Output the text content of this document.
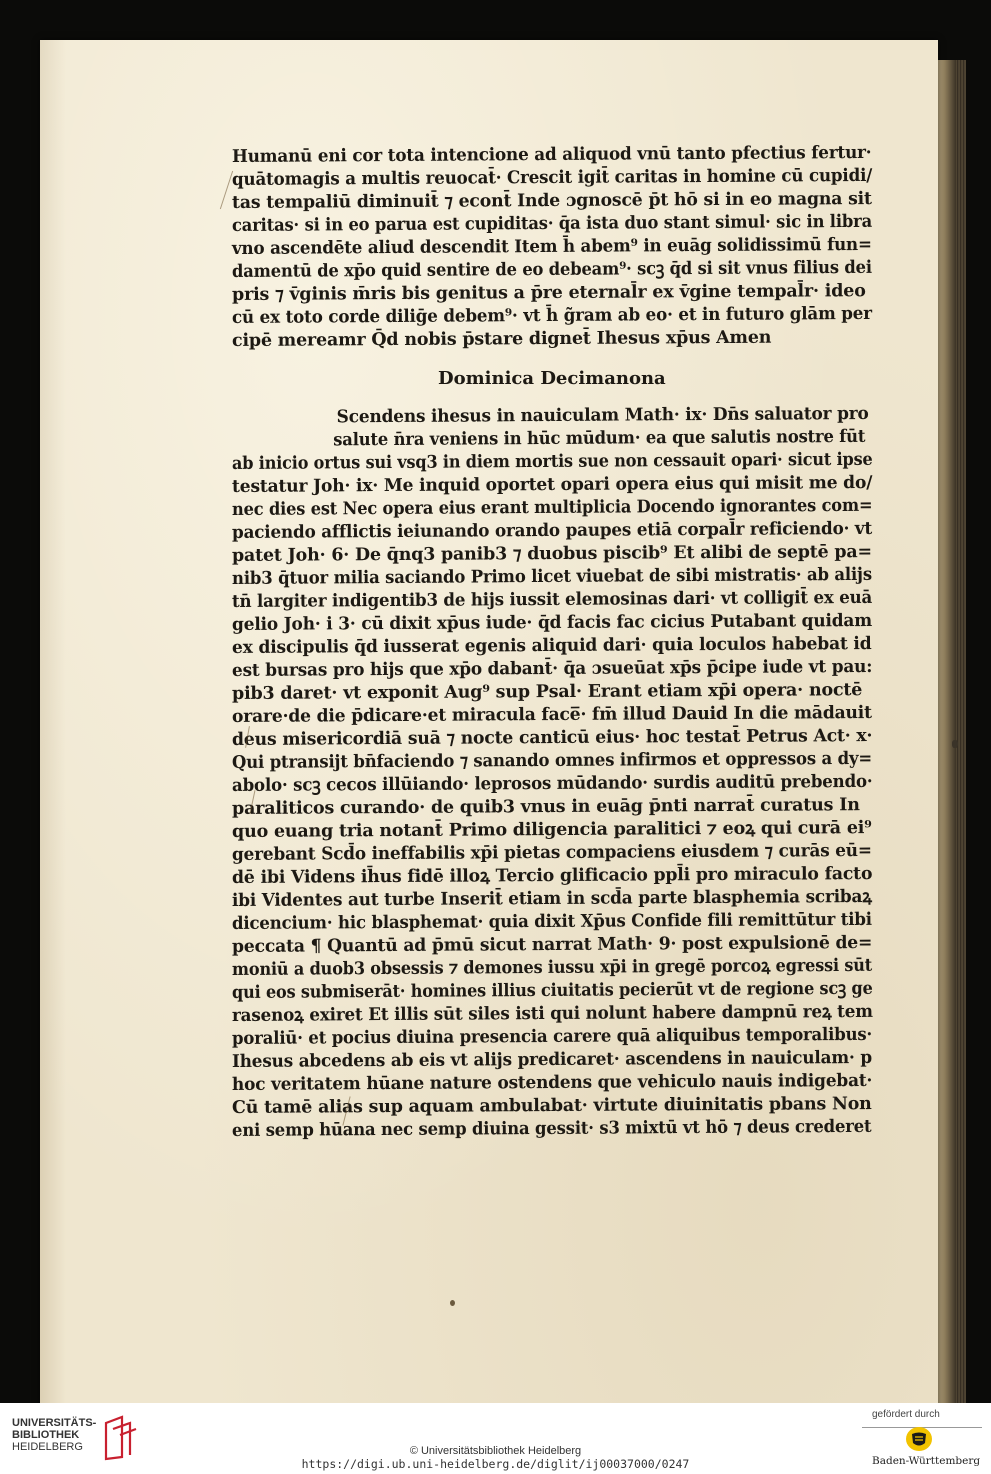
Humanū eni cor tota intencione ad aliquod vnū tanto pfectius fertur·
quātomagis a multis reuocat̄· Crescit igit̄ caritas in homine cū cupidi/
tas tempaliū diminuit̄ ⁊ econt̄ Inde ɔgnoscē p̄t hō si in eo magna sit
caritas· si in eo parua est cupiditas· q̄a ista duo stant simul· sic in libra
vno ascendēte aliud descendit Item h̄ abem⁹ in euāg solidissimū fun=
damentū de xp̄o quid sentire de eo debeam⁹· scꝫ q̄d si sit vnus filius dei
pris ⁊ v̄ginis m̄ris bis genitus a p̄re eternal̄r ex v̄gine tempal̄r· ideo
cū ex toto corde diliḡe debem⁹· vt h̄ g̃ram ab eo· et in futuro glām per
cipē mereamr Q̄d nobis p̄stare dignet̄ Ihesus xp̄us Amen
Dominica Decimanona
Scendens ihesus in nauiculam Math· ix· Dn̄s saluator pro
salute n̄ra veniens in hūc mūdum· ea que salutis nostre fūt
ab inicio ortus sui vsq3 in diem mortis sue non cessauit opari· sicut ipse
testatur Joh· ix· Me inquid oportet opari opera eius qui misit me do/
nec dies est Nec opera eius erant multiplicia Docendo ignorantes com=
paciendo afflictis ieiunando orando paupes etiā corpal̄r reficiendo· vt
patet Joh· 6· De q̄nq3 panib3 ⁊ duobus piscib⁹ Et alibi de septē pa=
nib3 q̄tuor milia saciando Primo licet viuebat de sibi mistratis· ab alijs
tn̄ largiter indigentib3 de hijs iussit elemosinas dari· vt colligit̄ ex euā
gelio Joh· i 3· cū dixit xp̄us iude· q̄d facis fac cicius Putabant quidam
ex discipulis q̄d iusserat egenis aliquid dari· quia loculos habebat id
est bursas pro hijs que xp̄o dabant̄· q̄a ɔsueūat xp̄s p̄cipe iude vt pau:
pib3 daret· vt exponit Aug⁹ sup Psal· Erant etiam xp̄i opera· noctē
orare·de die p̄dicare·et miracula face̅· fm̄ illud Dauid In die mādauit
deus misericordiā suā ⁊ nocte canticū eius· hoc testat̄ Petrus Act· x·
Qui ptransijt bn̄faciendo ⁊ sanando omnes infirmos et oppressos a dy=
abolo· scꝫ cecos illūiando· leprosos mūdando· surdis auditū prebendo·
paraliticos curando· de quib3 vnus in euāg p̄nti narrat̄ curatus In
quo euang tria notant̄ Primo diligencia paralitici ⁊ eoꝝ qui curā ei⁹
gerebant Scd̄o ineffabilis xp̄i pietas compaciens eiusdem ⁊ curās eū=
dē ibi Videns ih̄us fidē illoꝝ Tercio glificacio ppl̄i pro miraculo facto
ibi Videntes aut turbe Inserit̄ etiam in scd̄a parte blasphemia scribaꝝ
dicencium· hic blasphemat· quia dixit Xp̄us Confide fili remittūtur tibi
peccata ¶ Quantū ad p̄mū sicut narrat Math· 9· post expulsionē de=
moniū a duob3 obsessis ⁊ demones iussu xp̄i in gregē porcoꝝ egressi sūt
qui eos submiserāt· homines illius ciuitatis pecierūt vt de regione scꝫ ge
rasenoꝝ exiret Et illis sūt siles isti qui nolunt habere dampnū reꝝ tem
poraliū· et pocius diuina presencia carere quā aliquibus temporalibus·
Ihesus abcedens ab eis vt alijs predicaret· ascendens in nauiculam· p
hoc veritatem hūane nature ostendens que vehiculo nauis indigebat·
Cū tamē alias sup aquam ambulabat· virtute diuinitatis pbans Non
eni semp hūana nec semp diuina gessit· s3 mixtū vt hō ⁊ deus crederet
UNIVERSITÄTS-
BIBLIOTHEK
HEIDELBERG	© Universitätsbibliothek Heidelberg
https://digi.ub.uni-heidelberg.de/diglit/ij00037000/0247
gefördert durch
Baden-Württemberg
